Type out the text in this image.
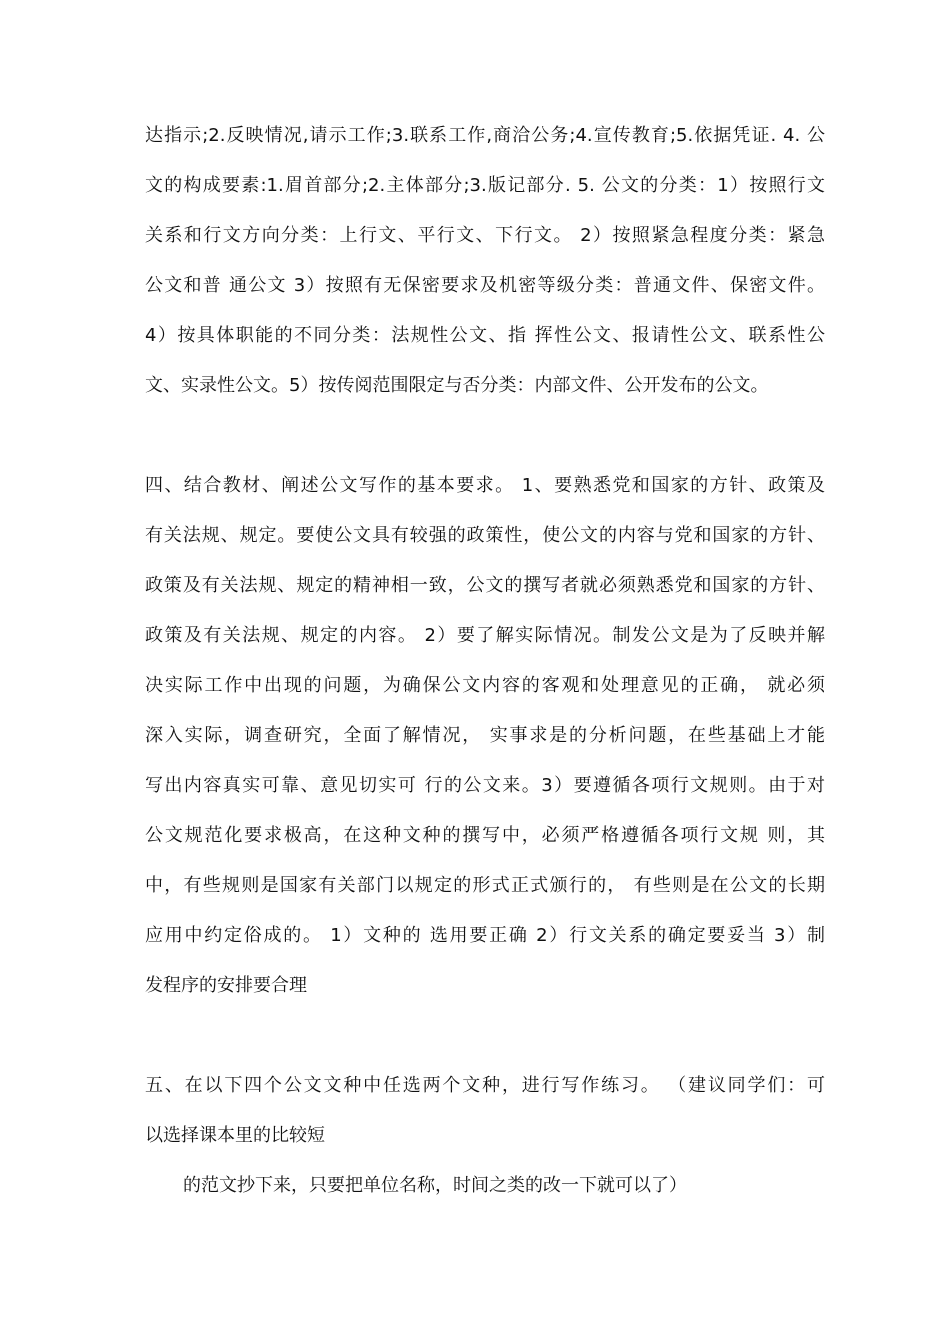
达指示;2.反映情况,请示工作;3.联系工作,商洽公务;4.宣传教育;5.依据凭证. 4. 公
文的构成要素:1.眉首部分;2.主体部分;3.版记部分. 5. 公文的分类：1）按照行文
关系和行文方向分类：上行文、平行文、下行文。 2）按照紧急程度分类：紧急
公文和普 通公文 3）按照有无保密要求及机密等级分类：普通文件、保密文件。
4）按具体职能的不同分类：法规性公文、指 挥性公文、报请性公文、联系性公
文、实录性公文。5）按传阅范围限定与否分类：内部文件、公开发布的公文。
四、结合教材、阐述公文写作的基本要求。 1、要熟悉党和国家的方针、政策及
有关法规、规定。要使公文具有较强的政策性，使公文的内容与党和国家的方针、
政策及有关法规、规定的精神相一致，公文的撰写者就必须熟悉党和国家的方针、
政策及有关法规、规定的内容。 2）要了解实际情况。制发公文是为了反映并解
决实际工作中出现的问题，为确保公文内容的客观和处理意见的正确， 就必须
深入实际，调查研究，全面了解情况， 实事求是的分析问题，在些基础上才能
写出内容真实可靠、意见切实可 行的公文来。3）要遵循各项行文规则。由于对
公文规范化要求极高，在这种文种的撰写中，必须严格遵循各项行文规 则，其
中，有些规则是国家有关部门以规定的形式正式颁行的， 有些则是在公文的长期
应用中约定俗成的。 1）文种的 选用要正确 2）行文关系的确定要妥当 3）制
发程序的安排要合理
五、在以下四个公文文种中任选两个文种，进行写作练习。 （建议同学们：可
以选择课本里的比较短
的范文抄下来，只要把单位名称，时间之类的改一下就可以了）
